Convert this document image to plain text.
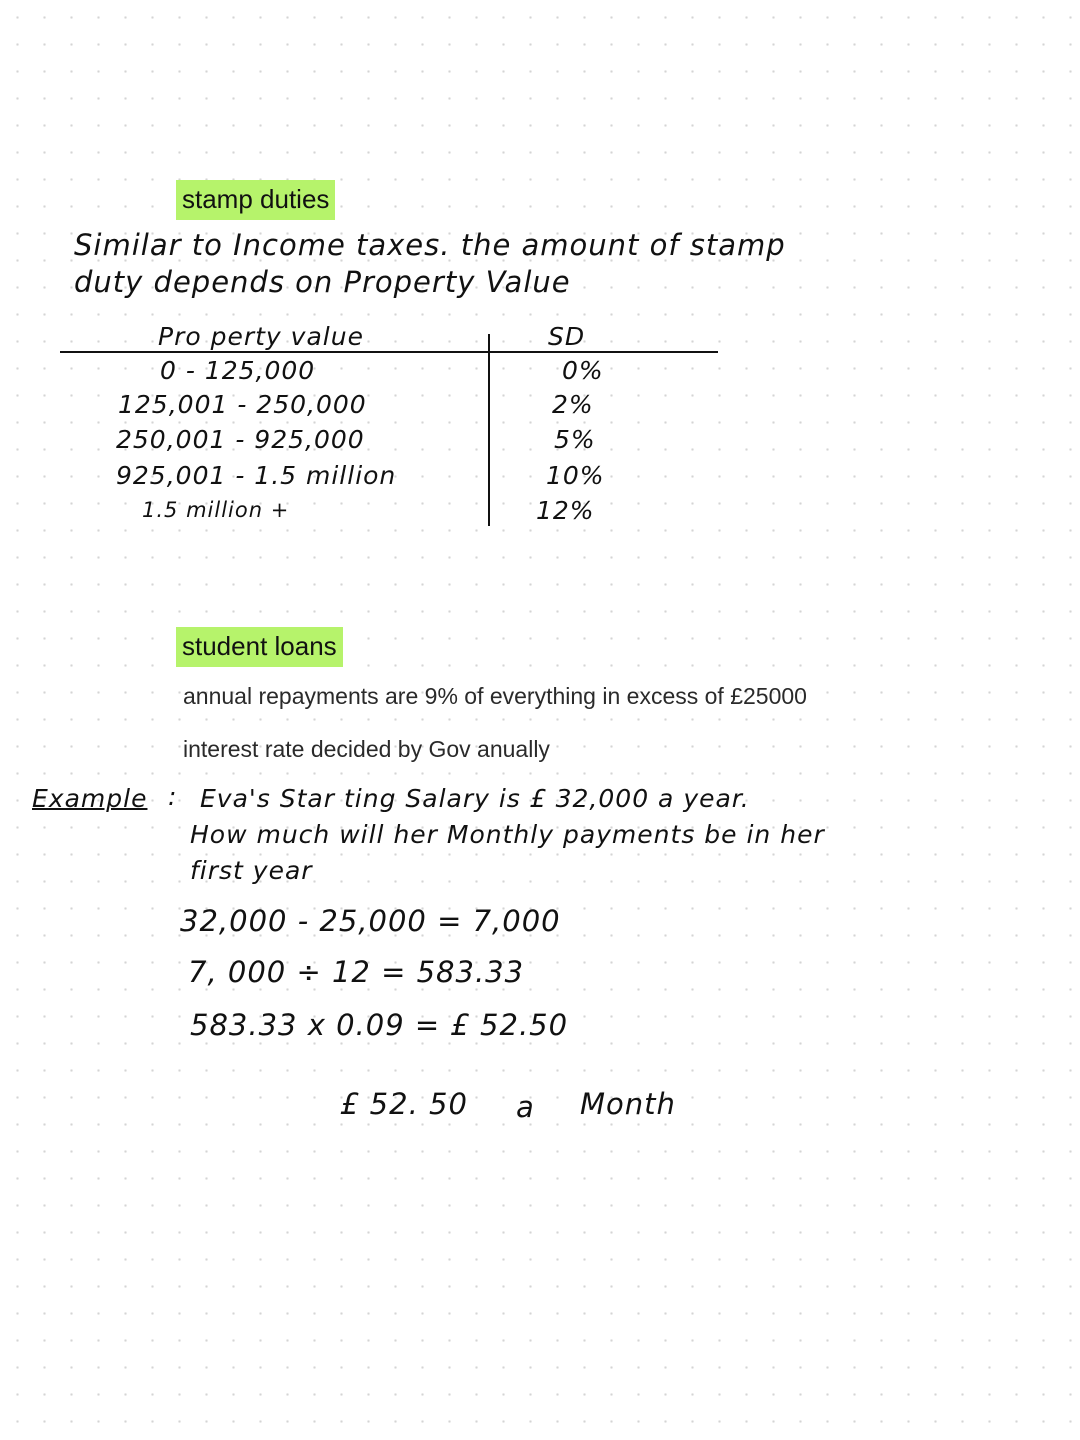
stamp duties
Similar to Income taxes. the amount of stamp
duty depends on Property Value
Pro perty value	SD
0 - 125,000	0%
125,001 - 250,000	2%
250,001 - 925,000	5%
925,001 - 1.5 million	10%
1.5 million +	12%
student loans
annual repayments are 9% of everything in excess of £25000
interest rate decided by Gov anually
Example : Eva's Star ting Salary is £ 32,000 a year.
How much will her Monthly payments be in her
first year
32,000 - 25,000 = 7,000
7, 000 ÷ 12 = 583.33
583.33 x 0.09 = £ 52.50
£ 52. 50 a Month
